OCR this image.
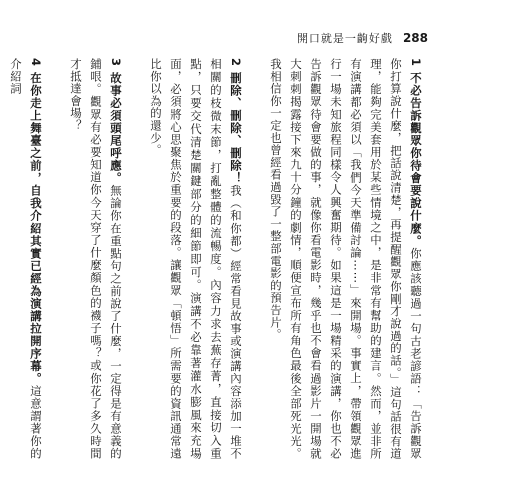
開口就是一齣好戲 288

1 不必告訴觀眾你待會要說什麼。你應該聽過一句古老諺語：「告訴觀眾你打算說什麼，把話說清楚，再提醒觀眾你剛才說過的話。」這句話很有道理，能夠完美套用於某些情境之中，是非常有幫助的建言。然而，並非所有演講都必須以「我們今天準備討論⋯⋯」來開場。事實上，帶領觀眾進行一場未知旅程同樣令人興奮期待。如果這是一場精采的演講，你也不必告訴觀眾待會要做的事，就像你看電影時，幾乎也不會看過影片一開場就大刺刺揭露接下來九十分鐘的劇情，順便宣布所有角色最後全部死光光。我相信你一定也曾經看過毀了一整部電影的預告片。

2 刪除、刪除、刪除！我（和你都）經常看見故事或演講內容添加一堆不相關的枝微末節，打亂整體的流暢度。內容力求去蕪存菁，直接切入重點，只要交代清楚關鍵部分的細節即可。演講不必靠著灌水膨風來充場面，必須將心思聚焦於重要的段落。讓觀眾「頓悟」所需要的資訊通常遠比你以為的還少。

3 故事必須頭尾呼應。無論你在重點句之前說了什麼，一定得是有意義的鋪哏。觀眾有必要知道你今天穿了什麼顏色的襪子嗎？或你花了多久時間才抵達會場？

4 在你走上舞臺之前，自我介紹其實已經為演講拉開序幕。這意謂著你的介紹詞
